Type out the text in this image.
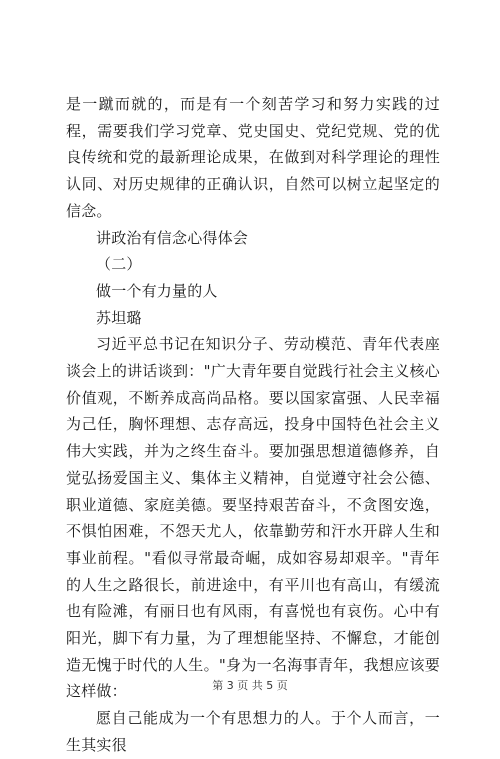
是一蹴而就的，而是有一个刻苦学习和努力实践的过程，需要我们学习党章、党史国史、党纪党规、党的优良传统和党的最新理论成果，在做到对科学理论的理性认同、对历史规律的正确认识，自然可以树立起坚定的信念。

讲政治有信念心得体会

（二）

做一个有力量的人

苏坦璐

习近平总书记在知识分子、劳动模范、青年代表座谈会上的讲话谈到："广大青年要自觉践行社会主义核心价值观，不断养成高尚品格。要以国家富强、人民幸福为己任，胸怀理想、志存高远，投身中国特色社会主义伟大实践，并为之终生奋斗。要加强思想道德修养，自觉弘扬爱国主义、集体主义精神，自觉遵守社会公德、职业道德、家庭美德。要坚持艰苦奋斗，不贪图安逸，不惧怕困难，不怨天尤人，依靠勤劳和汗水开辟人生和事业前程。"看似寻常最奇崛，成如容易却艰辛。"青年的人生之路很长，前进途中，有平川也有高山，有缓流也有险滩，有丽日也有风雨，有喜悦也有哀伤。心中有阳光，脚下有力量，为了理想能坚持、不懈怠，才能创造无愧于时代的人生。"身为一名海事青年，我想应该要这样做：

愿自己能成为一个有思想力的人。于个人而言，一生其实很

第 3 页 共 5 页
